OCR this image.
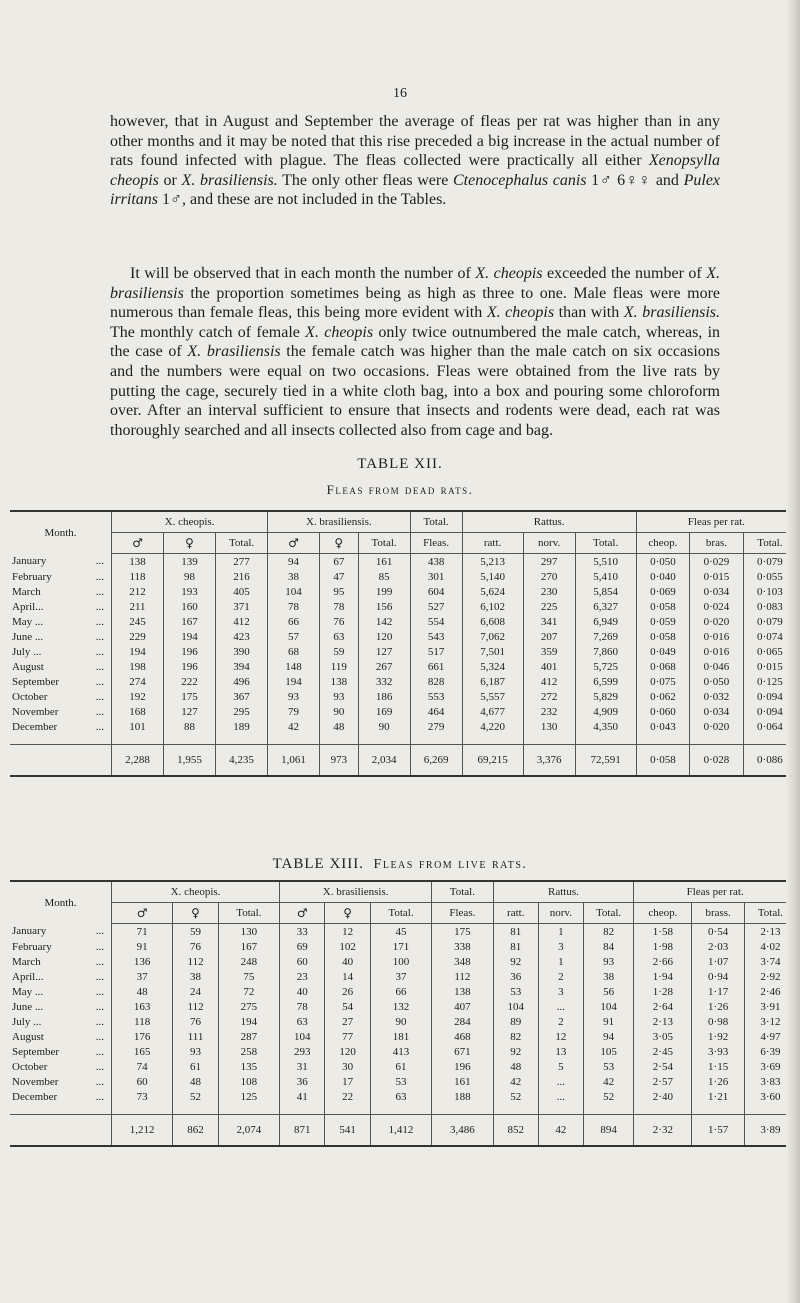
16

however, that in August and September the average of fleas per rat was higher than in any other months and it may be noted that this rise preceded a big increase in the actual number of rats found infected with plague. The fleas collected were practically all either Xenopsylla cheopis or X. brasiliensis. The only other fleas were Ctenocephalus canis 1♂ 6♀♀ and Pulex irritans 1♂, and these are not included in the Tables.

It will be observed that in each month the number of X. cheopis exceeded the number of X. brasiliensis the proportion sometimes being as high as three to one. Male fleas were more numerous than female fleas, this being more evident with X. cheopis than with X. brasiliensis. The monthly catch of female X. cheopis only twice outnumbered the male catch, whereas, in the case of X. brasiliensis the female catch was higher than the male catch on six occasions and the numbers were equal on two occasions. Fleas were obtained from the live rats by putting the cage, securely tied in a white cloth bag, into a box and pouring some chloroform over. After an interval sufficient to ensure that insects and rodents were dead, each rat was thoroughly searched and all insects collected also from cage and bag.

TABLE XII.
Fleas from dead rats.
Month.	X. cheopis.			X. brasiliensis.			Total.	Rattus.			Fleas per rat.		
	♂	♀	Total.	♂	♀	Total.	Fleas.	ratt.	norv.	Total.	cheop.	bras.	Total.
January ...	138	139	277	94	67	161	438	5,213	297	5,510	0·050	0·029	0·079
February ...	118	98	216	38	47	85	301	5,140	270	5,410	0·040	0·015	0·055
March ...	212	193	405	104	95	199	604	5,624	230	5,854	0·069	0·034	0·103
April... ...	211	160	371	78	78	156	527	6,102	225	6,327	0·058	0·024	0·083
May ... ...	245	167	412	66	76	142	554	6,608	341	6,949	0·059	0·020	0·079
June ... ...	229	194	423	57	63	120	543	7,062	207	7,269	0·058	0·016	0·074
July ... ...	194	196	390	68	59	127	517	7,501	359	7,860	0·049	0·016	0·065
August ...	198	196	394	148	119	267	661	5,324	401	5,725	0·068	0·046	0·015
September ...	274	222	496	194	138	332	828	6,187	412	6,599	0·075	0·050	0·125
October ...	192	175	367	93	93	186	553	5,557	272	5,829	0·062	0·032	0·094
November ...	168	127	295	79	90	169	464	4,677	232	4,909	0·060	0·034	0·094
December ...	101	88	189	42	48	90	279	4,220	130	4,350	0·043	0·020	0·064

	2,288	1,955	4,235	1,061	973	2,034	6,269	69,215	3,376	72,591	0·058	0·028	0·086
TABLE XIII. Fleas from live rats.
Month.	X. cheopis.			X. brasiliensis.			Total.	Rattus.			Fleas per rat.		
	♂	♀	Total.	♂	♀	Total.	Fleas.	ratt.	norv.	Total.	cheop.	brass.	Total.
January ...	71	59	130	33	12	45	175	81	1	82	1·58	0·54	2·13
February ...	91	76	167	69	102	171	338	81	3	84	1·98	2·03	4·02
March ...	136	112	248	60	40	100	348	92	1	93	2·66	1·07	3·74
April... ...	37	38	75	23	14	37	112	36	2	38	1·94	0·94	2·92
May ... ...	48	24	72	40	26	66	138	53	3	56	1·28	1·17	2·46
June ... ...	163	112	275	78	54	132	407	104	...	104	2·64	1·26	3·91
July ... ...	118	76	194	63	27	90	284	89	2	91	2·13	0·98	3·12
August ...	176	111	287	104	77	181	468	82	12	94	3·05	1·92	4·97
September ...	165	93	258	293	120	413	671	92	13	105	2·45	3·93	6·39
October ...	74	61	135	31	30	61	196	48	5	53	2·54	1·15	3·69
November ...	60	48	108	36	17	53	161	42	...	42	2·57	1·26	3·83
December ...	73	52	125	41	22	63	188	52	...	52	2·40	1·21	3·60

	1,212	862	2,074	871	541	1,412	3,486	852	42	894	2·32	1·57	3·89
